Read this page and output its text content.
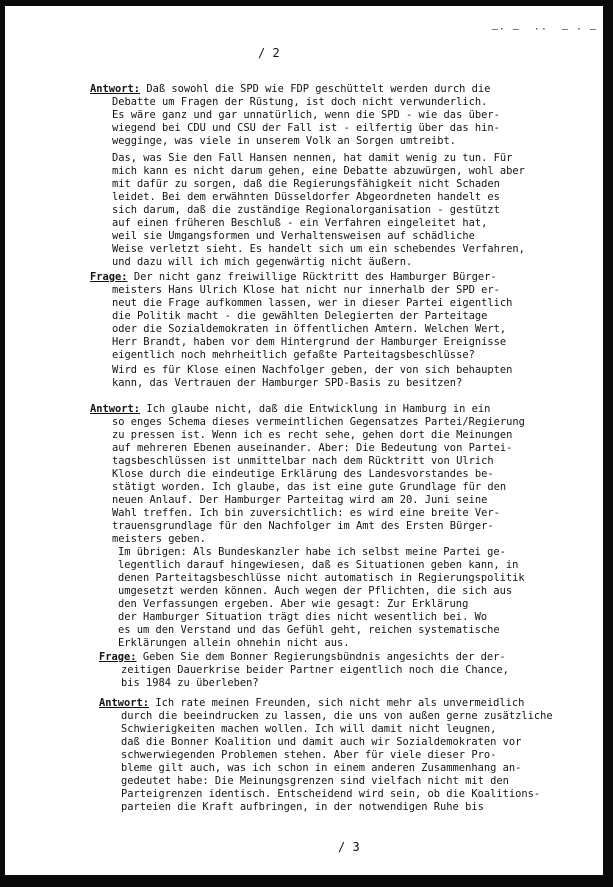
—· —  ··  — · —
/ 2
Antwort: Daß sowohl die SPD wie FDP geschüttelt werden durch die
Debatte um Fragen der Rüstung, ist doch nicht verwunderlich.
Es wäre ganz und gar unnatürlich, wenn die SPD - wie das über-
wiegend bei CDU und CSU der Fall ist - eilfertig über das hin-
wegginge, was viele in unserem Volk an Sorgen umtreibt.
Das, was Sie den Fall Hansen nennen, hat damit wenig zu tun. Für
mich kann es nicht darum gehen, eine Debatte abzuwürgen, wohl aber
mit dafür zu sorgen, daß die Regierungsfähigkeit nicht Schaden
leidet. Bei dem erwähnten Düsseldorfer Abgeordneten handelt es
sich darum, daß die zuständige Regionalorganisation - gestützt
auf einen früheren Beschluß - ein Verfahren eingeleitet hat,
weil sie Umgangsformen und Verhaltensweisen auf schädliche
Weise verletzt sieht. Es handelt sich um ein schebendes Verfahren,
und dazu will ich mich gegenwärtig nicht äußern.
Frage: Der nicht ganz freiwillige Rücktritt des Hamburger Bürger-
meisters Hans Ulrich Klose hat nicht nur innerhalb der SPD er-
neut die Frage aufkommen lassen, wer in dieser Partei eigentlich
die Politik macht - die gewählten Delegierten der Parteitage
oder die Sozialdemokraten in öffentlichen Ämtern. Welchen Wert,
Herr Brandt, haben vor dem Hintergrund der Hamburger Ereignisse
eigentlich noch mehrheitlich gefaßte Parteitagsbeschlüsse?
Wird es für Klose einen Nachfolger geben, der von sich behaupten
kann, das Vertrauen der Hamburger SPD-Basis zu besitzen?
Antwort: Ich glaube nicht, daß die Entwicklung in Hamburg in ein
so enges Schema dieses vermeintlichen Gegensatzes Partei/Regierung
zu pressen ist. Wenn ich es recht sehe, gehen dort die Meinungen
auf mehreren Ebenen auseinander. Aber: Die Bedeutung von Partei-
tagsbeschlüssen ist unmittelbar nach dem Rücktritt von Ulrich
Klose durch die eindeutige Erklärung des Landesvorstandes be-
stätigt worden. Ich glaube, das ist eine gute Grundlage für den
neuen Anlauf. Der Hamburger Parteitag wird am 20. Juni seine
Wahl treffen. Ich bin zuversichtlich: es wird eine breite Ver-
trauensgrundlage für den Nachfolger im Amt des Ersten Bürger-
meisters geben.
Im übrigen: Als Bundeskanzler habe ich selbst meine Partei ge-
legentlich darauf hingewiesen, daß es Situationen geben kann, in
denen Parteitagsbeschlüsse nicht automatisch in Regierungspolitik
umgesetzt werden können. Auch wegen der Pflichten, die sich aus
den Verfassungen ergeben. Aber wie gesagt: Zur Erklärung
der Hamburger Situation trägt dies nicht wesentlich bei. Wo
es um den Verstand und das Gefühl geht, reichen systematische
Erklärungen allein ohnehin nicht aus.
Frage: Geben Sie dem Bonner Regierungsbündnis angesichts der der-
zeitigen Dauerkrise beider Partner eigentlich noch die Chance,
bis 1984 zu überleben?
Antwort: Ich rate meinen Freunden, sich nicht mehr als unvermeidlich
durch die beeindrucken zu lassen, die uns von außen gerne zusätzliche
Schwierigkeiten machen wollen. Ich will damit nicht leugnen,
daß die Bonner Koalition und damit auch wir Sozialdemokraten vor
schwerwiegenden Problemen stehen. Aber für viele dieser Pro-
bleme gilt auch, was ich schon in einem anderen Zusammenhang an-
gedeutet habe: Die Meinungsgrenzen sind vielfach nicht mit den
Parteigrenzen identisch. Entscheidend wird sein, ob die Koalitions-
parteien die Kraft aufbringen, in der notwendigen Ruhe bis
/ 3
